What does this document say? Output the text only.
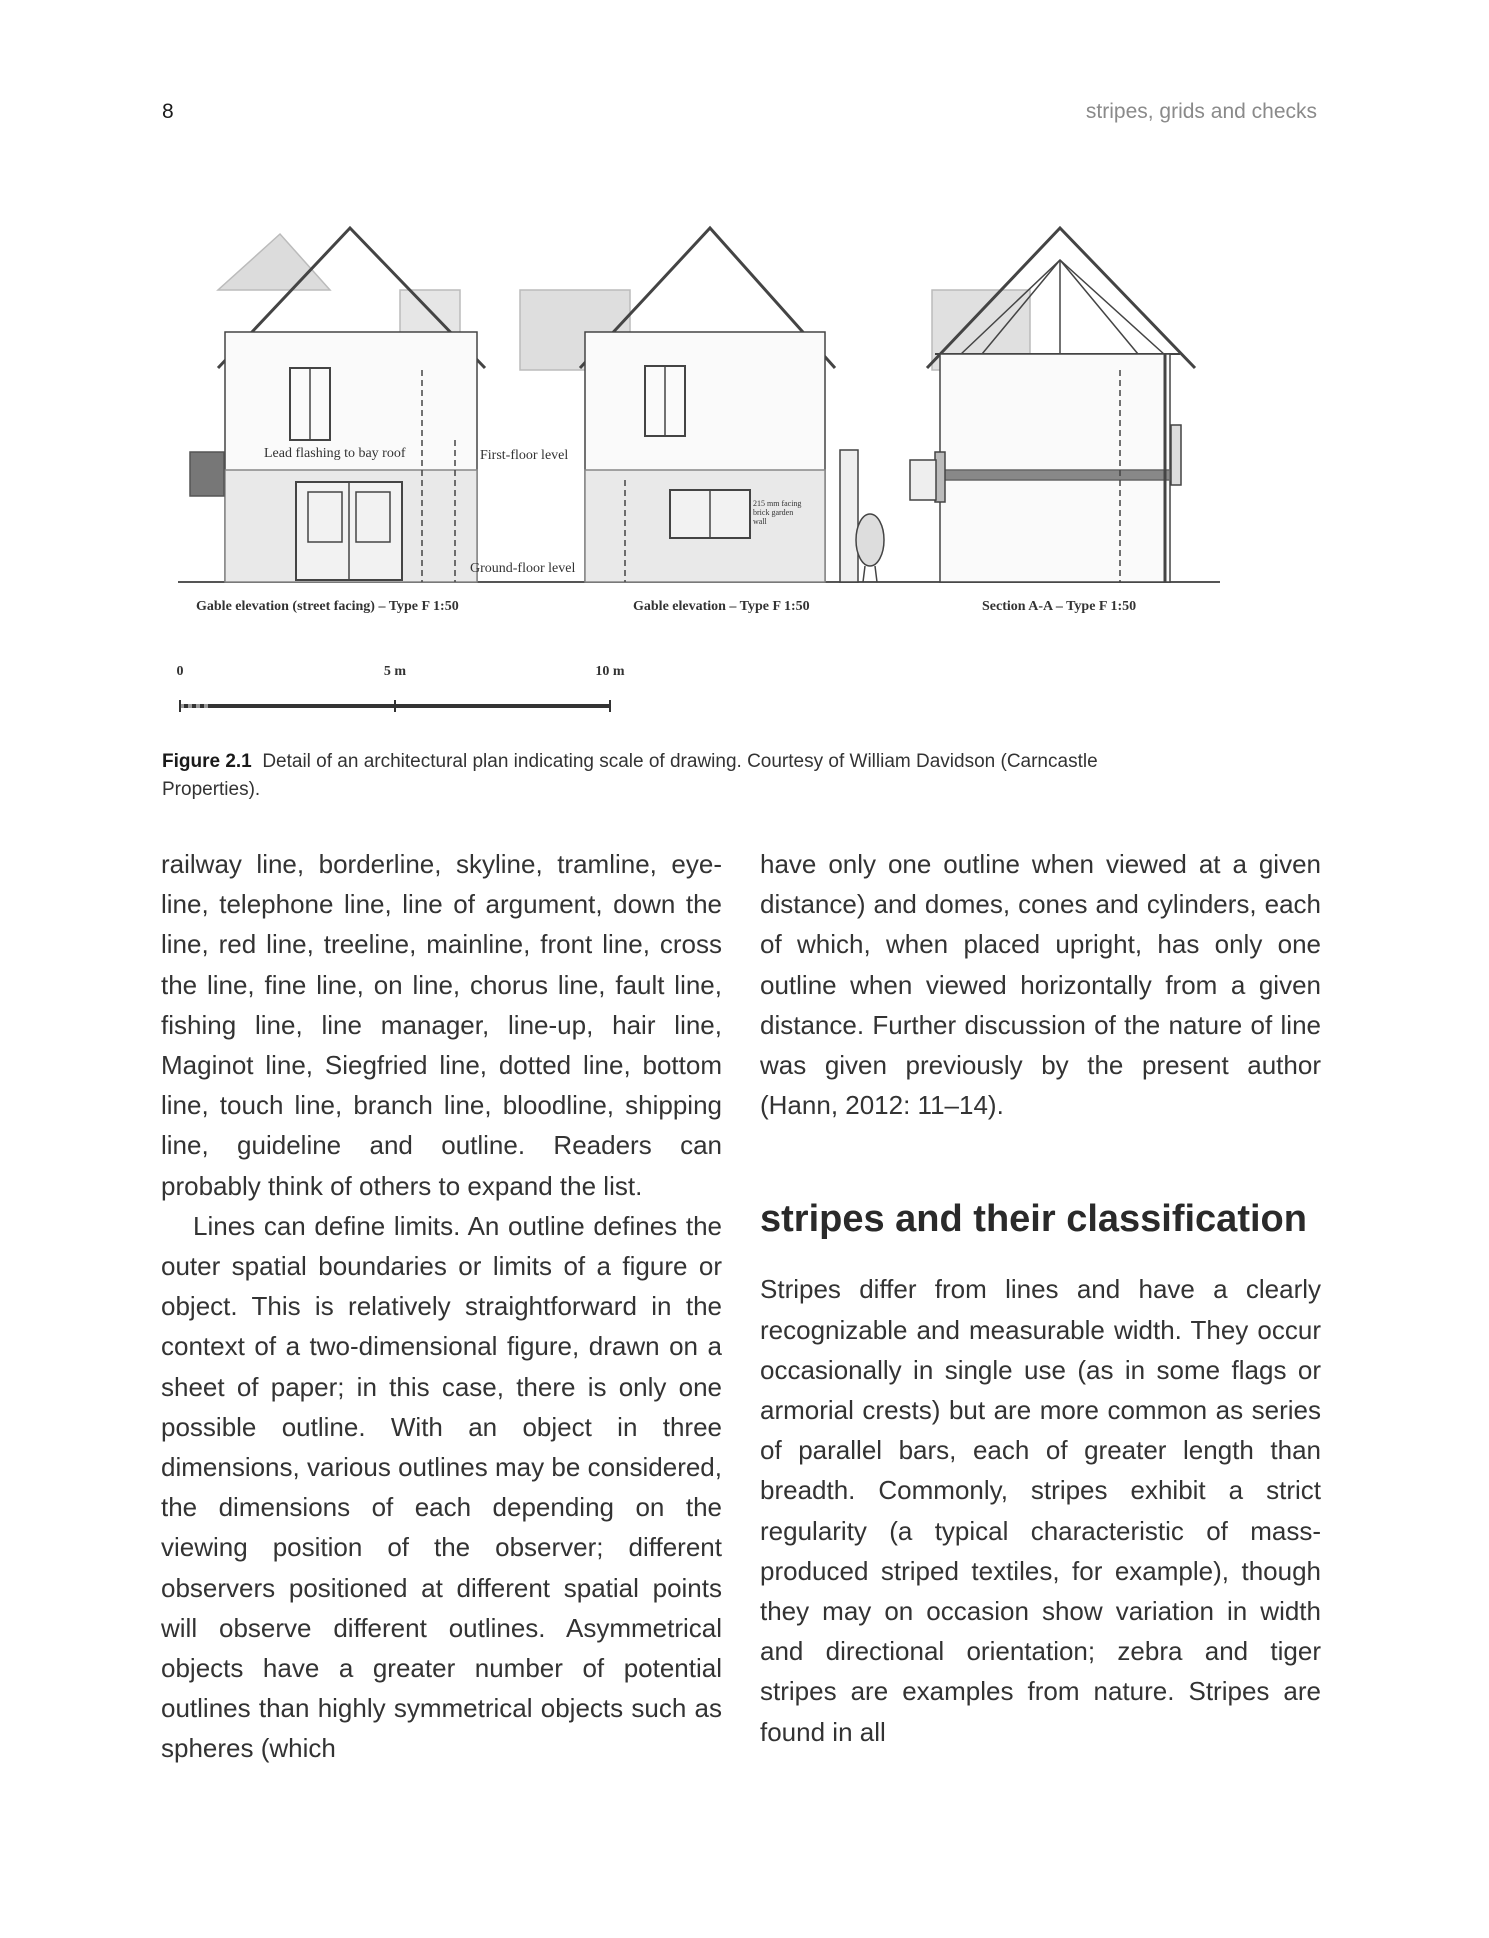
8	stripes, grids and checks
Lead flashing to bay roof	First-floor level
Ground-floor level
215 mm facing
brick garden
wall
Gable elevation (street facing) – Type F 1:50	Gable elevation – Type F 1:50	Section A-A – Type F 1:50
0	5 m	10 m
Figure 2.1 Detail of an architectural plan indicating scale of drawing. Courtesy of William Davidson (Carncastle Properties).

railway line, borderline, skyline, tramline, eye-line, telephone line, line of argument, down the line, red line, treeline, mainline, front line, cross the line, fine line, on line, chorus line, fault line, fishing line, line manager, line-up, hair line, Maginot line, Siegfried line, dotted line, bottom line, touch line, branch line, bloodline, shipping line, guideline and outline. Readers can probably think of others to expand the list.

Lines can define limits. An outline defines the outer spatial boundaries or limits of a figure or object. This is relatively straightforward in the context of a two-dimensional figure, drawn on a sheet of paper; in this case, there is only one possible outline. With an object in three dimensions, various outlines may be considered, the dimensions of each depending on the viewing position of the observer; different observers positioned at different spatial points will observe different outlines. Asymmetrical objects have a greater number of potential outlines than highly symmetrical objects such as spheres (which

have only one outline when viewed at a given distance) and domes, cones and cylinders, each of which, when placed upright, has only one outline when viewed horizontally from a given distance. Further discussion of the nature of line was given previously by the present author (Hann, 2012: 11–14).

stripes and their classification

Stripes differ from lines and have a clearly recognizable and measurable width. They occur occasionally in single use (as in some flags or armorial crests) but are more common as series of parallel bars, each of greater length than breadth. Commonly, stripes exhibit a strict regularity (a typical characteristic of mass-produced striped textiles, for example), though they may on occasion show variation in width and directional orientation; zebra and tiger stripes are examples from nature. Stripes are found in all
